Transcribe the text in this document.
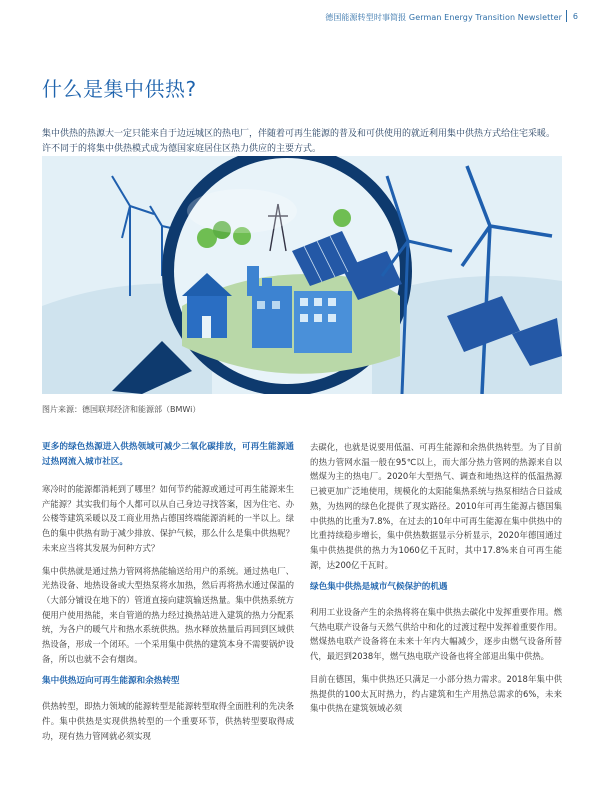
德国能源转型时事简报 German Energy Transition Newsletter 6
什么是集中供热?
集中供热的热源大一定只能来自于边远城区的热电厂，伴随着可再生能源的普及和可供使用的就近利用集中供热方式给住宅采暖。许不同于的将集中供热模式成为德国家庭居住区热力供应的主要方式。
图片来源：德国联邦经济和能源部（BMWi）

更多的绿色热源进入供热领域可减少二氧化碳排放，可再生能源通过热网流入城市社区。

寒冷时的能源都消耗到了哪里？如何节约能源或通过可再生能源来生产能源？其实我们每个人都可以从自己身边寻找答案，因为住宅、办公楼等建筑采暖以及工商业用热占德国终端能源消耗的一半以上。绿色的集中供热有助于减少排放、保护气候，那么什么是集中供热呢？未来应当将其发展为何种方式？

集中供热就是通过热力管网将热能输送给用户的系统。通过热电厂、光热设备、地热设备或大型热泵将水加热，然后再将热水通过保温的（大部分铺设在地下的）管道直接向建筑输送热量。集中供热系统方便用户使用热能，来自管道的热力经过换热站进入建筑的热力分配系统，为各户的暖气片和热水系统供热。热水释放热量后再回到区域供热设备，形成一个闭环。一个采用集中供热的建筑本身不需要锅炉设备，所以也就不会有烟囱。

集中供热迈向可再生能源和余热转型

供热转型，即热力领域的能源转型是能源转型取得全面胜利的先决条件。集中供热是实现供热转型的一个重要环节，供热转型要取得成功，现有热力管网就必须实现

去碳化，也就是说要用低温、可再生能源和余热供热转型。为了目前的热力管网水温一般在95℃以上，而大部分热力管网的热源来自以燃煤为主的热电厂。2020年大型热气、调查和地热这样的低温热源已被更加广泛地使用，规模化的太阳能集热系统与热泵相结合日益成熟，为热网的绿色化提供了现实路径。2010年可再生能源占德国集中供热的比重为7.8%，在过去的10年中可再生能源在集中供热中的比重持续稳步增长，集中供热数据显示分析显示，2020年德国通过集中供热提供的热力为1060亿千瓦时，其中17.8%来自可再生能源，达200亿千瓦时。

绿色集中供热是城市气候保护的机遇

利用工业设备产生的余热将将在集中供热去碳化中发挥重要作用。燃气热电联产设备与天然气供给中和化的过渡过程中发挥着重要作用。燃煤热电联产设备将在未来十年内大幅减少，逐步由燃气设备所替代，最迟到2038年，燃气热电联产设备也将全部退出集中供热。

目前在德国，集中供热还只满足一小部分热力需求。2018年集中供热提供的100太瓦时热力，约占建筑和生产用热总需求的6%，未来集中供热在建筑领域必须
